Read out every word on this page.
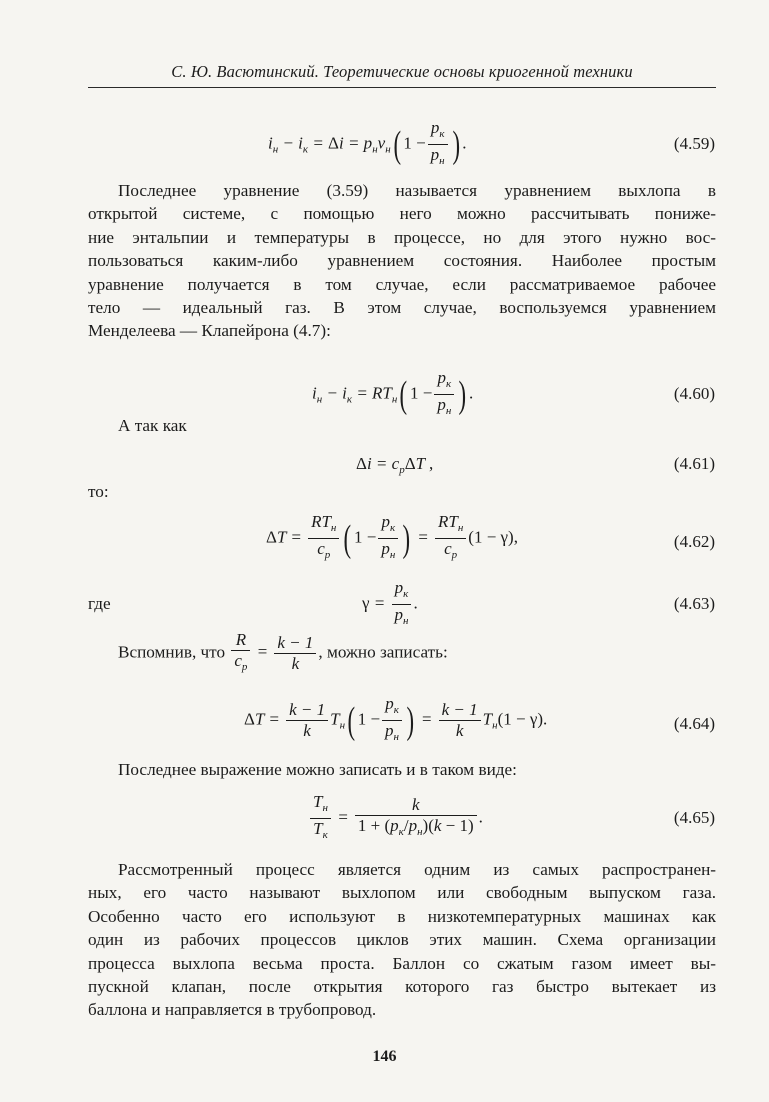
С. Ю. Васютинский. Теоретические основы криогенной техники
$i_н - i_к = \Delta i = p_нv_н$( $1 - \frac{p_к}{p_н}$ ) .	(4.59)
Последнее уравнение (3.59) называется уравнением выхлопа в
открытой системе, с помощью него можно рассчитывать пониже-
ние энтальпии и температуры в процессе, но для этого нужно вос-
пользоваться каким-либо уравнением состояния. Наиболее простым
уравнение получается в том случае, если рассматриваемое рабочее
тело — идеальный газ. В этом случае, воспользуемся уравнением
Менделеева — Клапейрона (4.7):
$i_н - i_к = RT_н$( $1 - \frac{p_к}{p_н}$ ) .	(4.60)
А так как
$\Delta i = c_p\Delta T$ ,	(4.61)
то:
$\Delta T = \frac{RT_н}{c_p}$ ( $1 - \frac{p_к}{p_н}$ ) = $\frac{RT_н}{c_p} (1 - \gamma)$,	(4.62)
где	$\gamma = \frac{p_к}{p_н}$ .	(4.63)
Вспомнив, что $\frac{R}{c_p} = \frac{k - 1}{k}$ , можно записать:
$\Delta T = \frac{k - 1}{k} T_н$( $1 - \frac{p_к}{p_н}$ ) = $\frac{k - 1}{k} T_н(1 - \gamma)$.	(4.64)
Последнее выражение можно записать и в таком виде:
$\frac{T_н}{T_к} = \frac{k}{1 + (p_к/p_н)(k - 1)}$ .	(4.65)
Рассмотренный процесс является одним из самых распространен-
ных, его часто называют выхлопом или свободным выпуском газа.
Особенно часто его используют в низкотемпературных машинах как
один из рабочих процессов циклов этих машин. Схема организации
процесса выхлопа весьма проста. Баллон со сжатым газом имеет вы-
пускной клапан, после открытия которого газ быстро вытекает из
баллона и направляется в трубопровод.
146
